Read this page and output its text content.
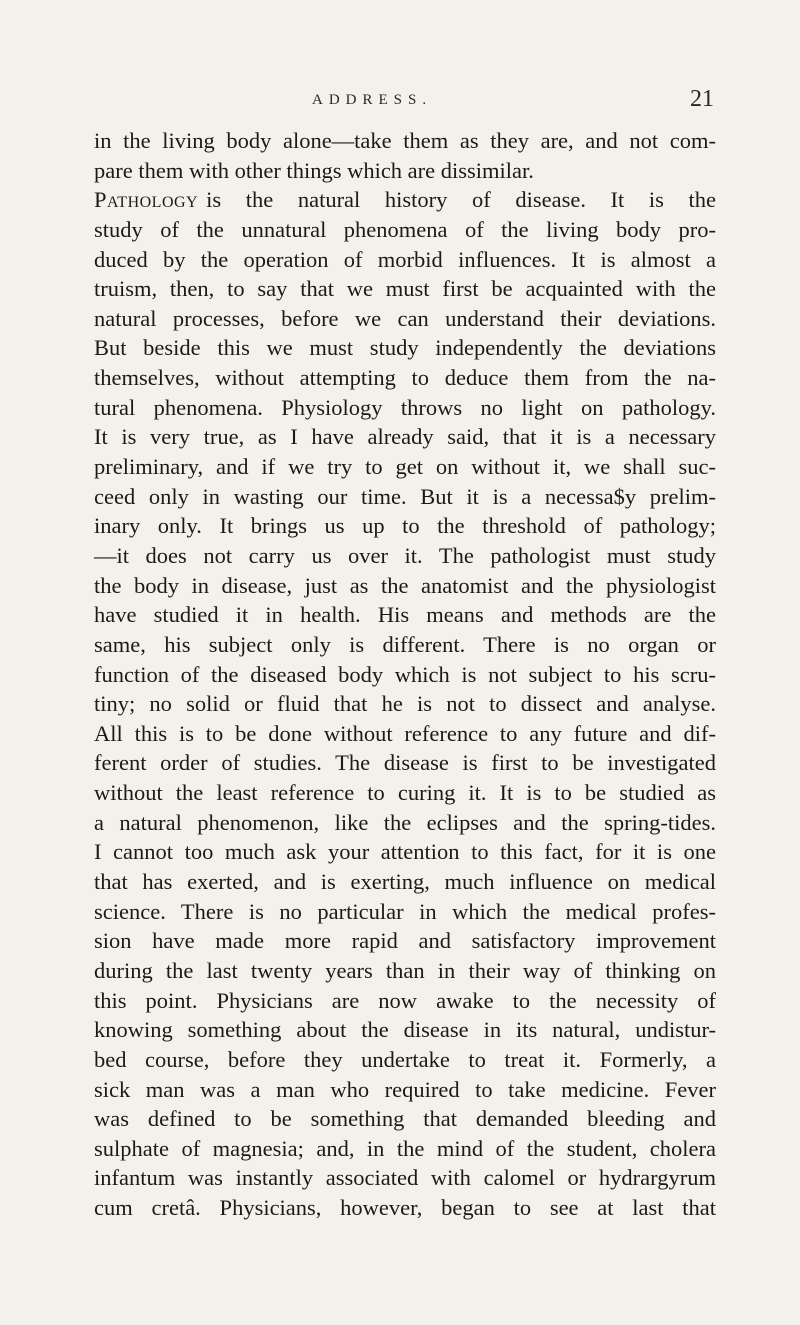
ADDRESS.	21
in the living body alone—take them as they are, and not com-
pare them with other things which are dissimilar.
Pathology is the natural history of disease. It is the
study of the unnatural phenomena of the living body pro-
duced by the operation of morbid influences. It is almost a
truism, then, to say that we must first be acquainted with the
natural processes, before we can understand their deviations.
But beside this we must study independently the deviations
themselves, without attempting to deduce them from the na-
tural phenomena. Physiology throws no light on pathology.
It is very true, as I have already said, that it is a necessary
preliminary, and if we try to get on without it, we shall suc-
ceed only in wasting our time. But it is a necessa$y prelim-
inary only. It brings us up to the threshold of pathology;
—it does not carry us over it. The pathologist must study
the body in disease, just as the anatomist and the physiologist
have studied it in health. His means and methods are the
same, his subject only is different. There is no organ or
function of the diseased body which is not subject to his scru-
tiny; no solid or fluid that he is not to dissect and analyse.
All this is to be done without reference to any future and dif-
ferent order of studies. The disease is first to be investigated
without the least reference to curing it. It is to be studied as
a natural phenomenon, like the eclipses and the spring-tides.
I cannot too much ask your attention to this fact, for it is one
that has exerted, and is exerting, much influence on medical
science. There is no particular in which the medical profes-
sion have made more rapid and satisfactory improvement
during the last twenty years than in their way of thinking on
this point. Physicians are now awake to the necessity of
knowing something about the disease in its natural, undistur-
bed course, before they undertake to treat it. Formerly, a
sick man was a man who required to take medicine. Fever
was defined to be something that demanded bleeding and
sulphate of magnesia; and, in the mind of the student, cholera
infantum was instantly associated with calomel or hydrargyrum
cum cretâ. Physicians, however, began to see at last that
